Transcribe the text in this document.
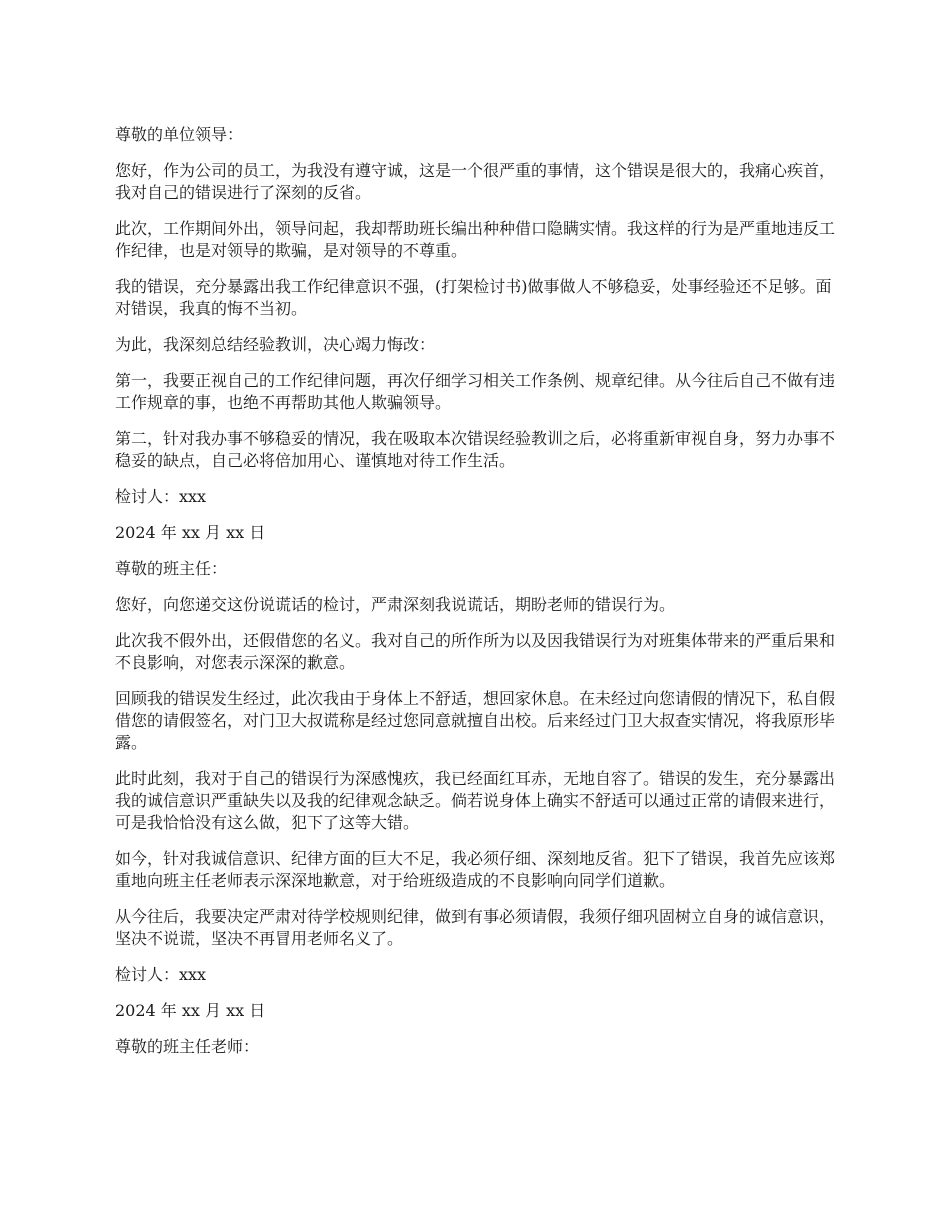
尊敬的单位领导：

您好，作为公司的员工，为我没有遵守诚，这是一个很严重的事情，这个错误是很大的，我痛心疾首，我对自己的错误进行了深刻的反省。

此次，工作期间外出，领导问起，我却帮助班长编出种种借口隐瞒实情。我这样的行为是严重地违反工作纪律，也是对领导的欺骗，是对领导的不尊重。

我的错误，充分暴露出我工作纪律意识不强，(打架检讨书)做事做人不够稳妥，处事经验还不足够。面对错误，我真的悔不当初。

为此，我深刻总结经验教训，决心竭力悔改：

第一，我要正视自己的工作纪律问题，再次仔细学习相关工作条例、规章纪律。从今往后自己不做有违工作规章的事，也绝不再帮助其他人欺骗领导。

第二，针对我办事不够稳妥的情况，我在吸取本次错误经验教训之后，必将重新审视自身，努力办事不稳妥的缺点，自己必将倍加用心、谨慎地对待工作生活。

检讨人：xxx

2024 年 xx 月 xx 日

尊敬的班主任：

您好，向您递交这份说谎话的检讨，严肃深刻我说谎话，期盼老师的错误行为。

此次我不假外出，还假借您的名义。我对自己的所作所为以及因我错误行为对班集体带来的严重后果和不良影响，对您表示深深的歉意。

回顾我的错误发生经过，此次我由于身体上不舒适，想回家休息。在未经过向您请假的情况下，私自假借您的请假签名，对门卫大叔谎称是经过您同意就擅自出校。后来经过门卫大叔查实情况，将我原形毕露。

此时此刻，我对于自己的错误行为深感愧疚，我已经面红耳赤，无地自容了。错误的发生，充分暴露出我的诚信意识严重缺失以及我的纪律观念缺乏。倘若说身体上确实不舒适可以通过正常的请假来进行，可是我恰恰没有这么做，犯下了这等大错。

如今，针对我诚信意识、纪律方面的巨大不足，我必须仔细、深刻地反省。犯下了错误，我首先应该郑重地向班主任老师表示深深地歉意，对于给班级造成的不良影响向同学们道歉。

从今往后，我要决定严肃对待学校规则纪律，做到有事必须请假，我须仔细巩固树立自身的诚信意识，坚决不说谎，坚决不再冒用老师名义了。

检讨人：xxx

2024 年 xx 月 xx 日

尊敬的班主任老师：
